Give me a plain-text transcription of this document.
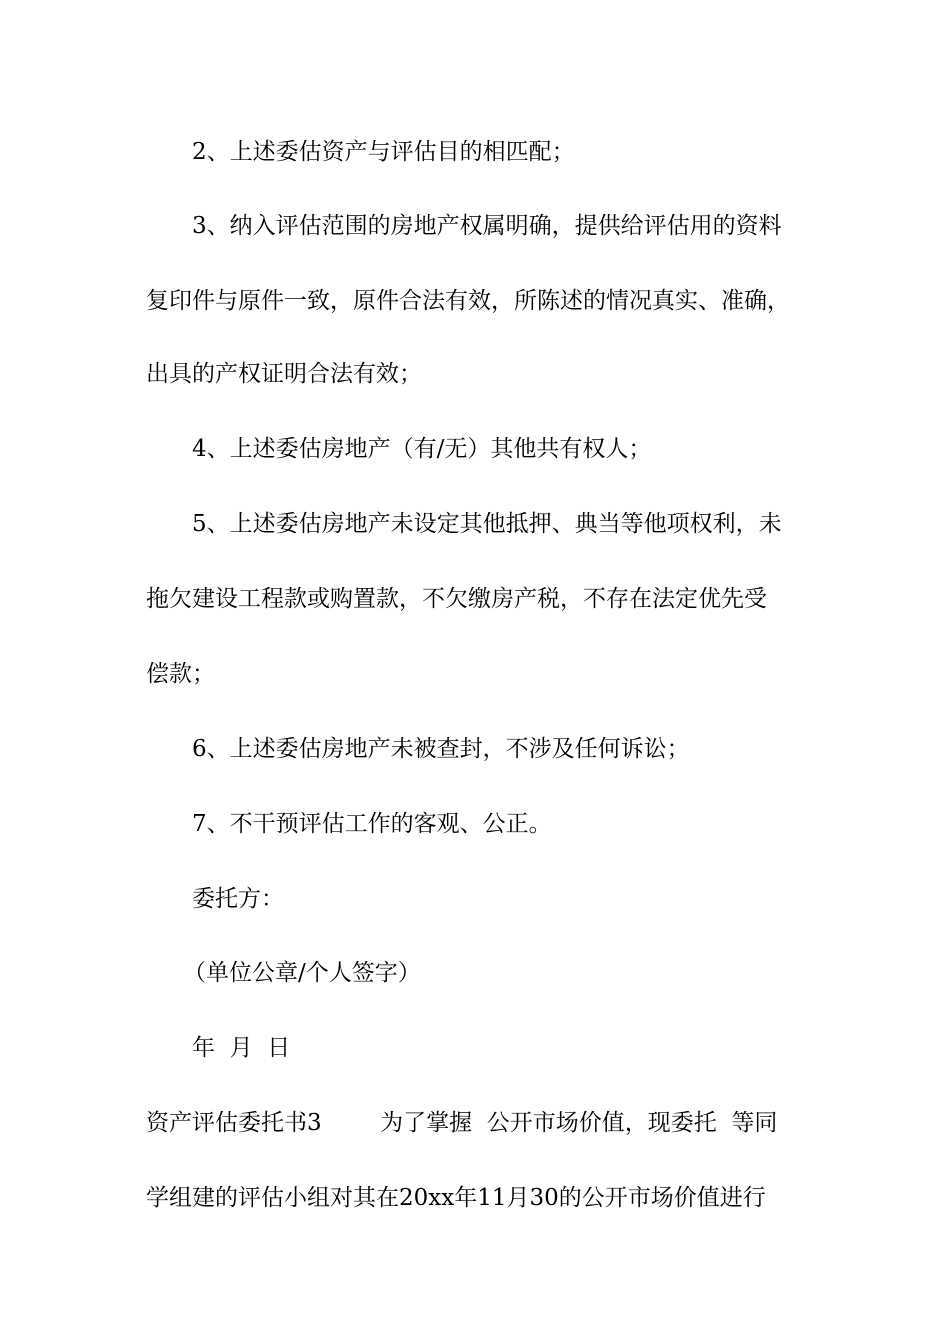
2、上述委估资产与评估目的相匹配；
3、纳入评估范围的房地产权属明确，提供给评估用的资料
复印件与原件一致，原件合法有效，所陈述的情况真实、准确，
出具的产权证明合法有效；
4、上述委估房地产（有/无）其他共有权人；
5、上述委估房地产未设定其他抵押、典当等他项权利，未
拖欠建设工程款或购置款，不欠缴房产税，不存在法定优先受
偿款；
6、上述委估房地产未被查封，不涉及任何诉讼；
7、不干预评估工作的客观、公正。
委托方：
（单位公章/个人签字）
年  月  日
资产评估委托书3        为了掌握  公开市场价值，现委托  等同
学组建的评估小组对其在20xx年11月30的公开市场价值进行
